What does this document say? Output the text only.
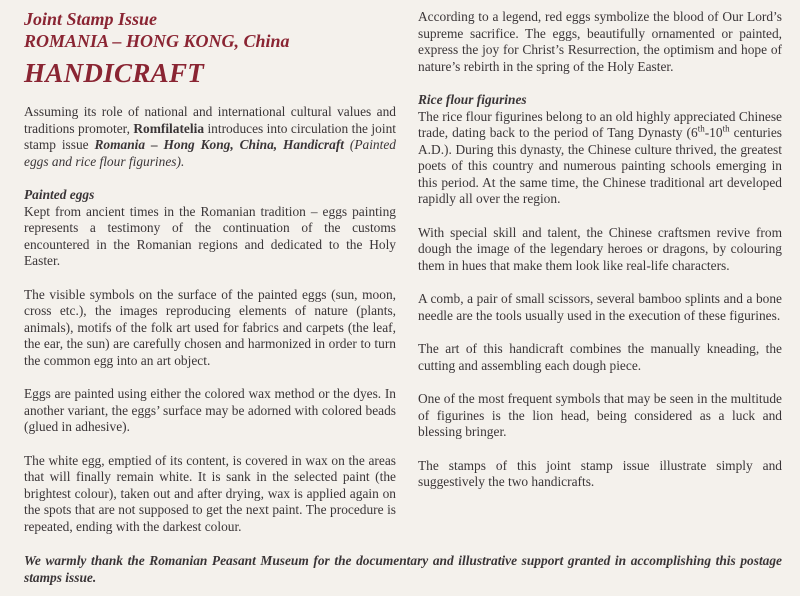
Joint Stamp Issue
ROMANIA – HONG KONG, China
HANDICRAFT

Assuming its role of national and international cultural values and traditions promoter, Romfilatelia introduces into circulation the joint stamp issue Romania – Hong Kong, China, Handicraft (Painted eggs and rice flour figurines).

Painted eggs

Kept from ancient times in the Romanian tradition – eggs painting represents a testimony of the continuation of the customs encountered in the Romanian regions and dedicated to the Holy Easter.

The visible symbols on the surface of the painted eggs (sun, moon, cross etc.), the images reproducing elements of nature (plants, animals), motifs of the folk art used for fabrics and carpets (the leaf, the ear, the sun) are carefully chosen and harmonized in order to turn the common egg into an art object.

Eggs are painted using either the colored wax method or the dyes. In another variant, the eggs’ surface may be adorned with colored beads (glued in adhesive).

The white egg, emptied of its content, is covered in wax on the areas that will finally remain white. It is sank in the selected paint (the brightest colour), taken out and after drying, wax is applied again on the spots that are not supposed to get the next paint. The procedure is repeated, ending with the darkest colour.

According to a legend, red eggs symbolize the blood of Our Lord’s supreme sacrifice. The eggs, beautifully ornamented or painted, express the joy for Christ’s Resurrection, the optimism and hope of nature’s rebirth in the spring of the Holy Easter.

Rice flour figurines

The rice flour figurines belong to an old highly appreciated Chinese trade, dating back to the period of Tang Dynasty (6th-10th centuries A.D.). During this dynasty, the Chinese culture thrived, the greatest poets of this country and numerous painting schools emerging in this period. At the same time, the Chinese traditional art developed rapidly all over the region.

With special skill and talent, the Chinese craftsmen revive from dough the image of the legendary heroes or dragons, by colouring them in hues that make them look like real-life characters.

A comb, a pair of small scissors, several bamboo splints and a bone needle are the tools usually used in the execution of these figurines.

The art of this handicraft combines the manually kneading, the cutting and assembling each dough piece.

One of the most frequent symbols that may be seen in the multitude of figurines is the lion head, being considered as a luck and blessing bringer.

The stamps of this joint stamp issue illustrate simply and suggestively the two handicrafts.

We warmly thank the Romanian Peasant Museum for the documentary and illustrative support granted in accomplishing this postage stamps issue.
